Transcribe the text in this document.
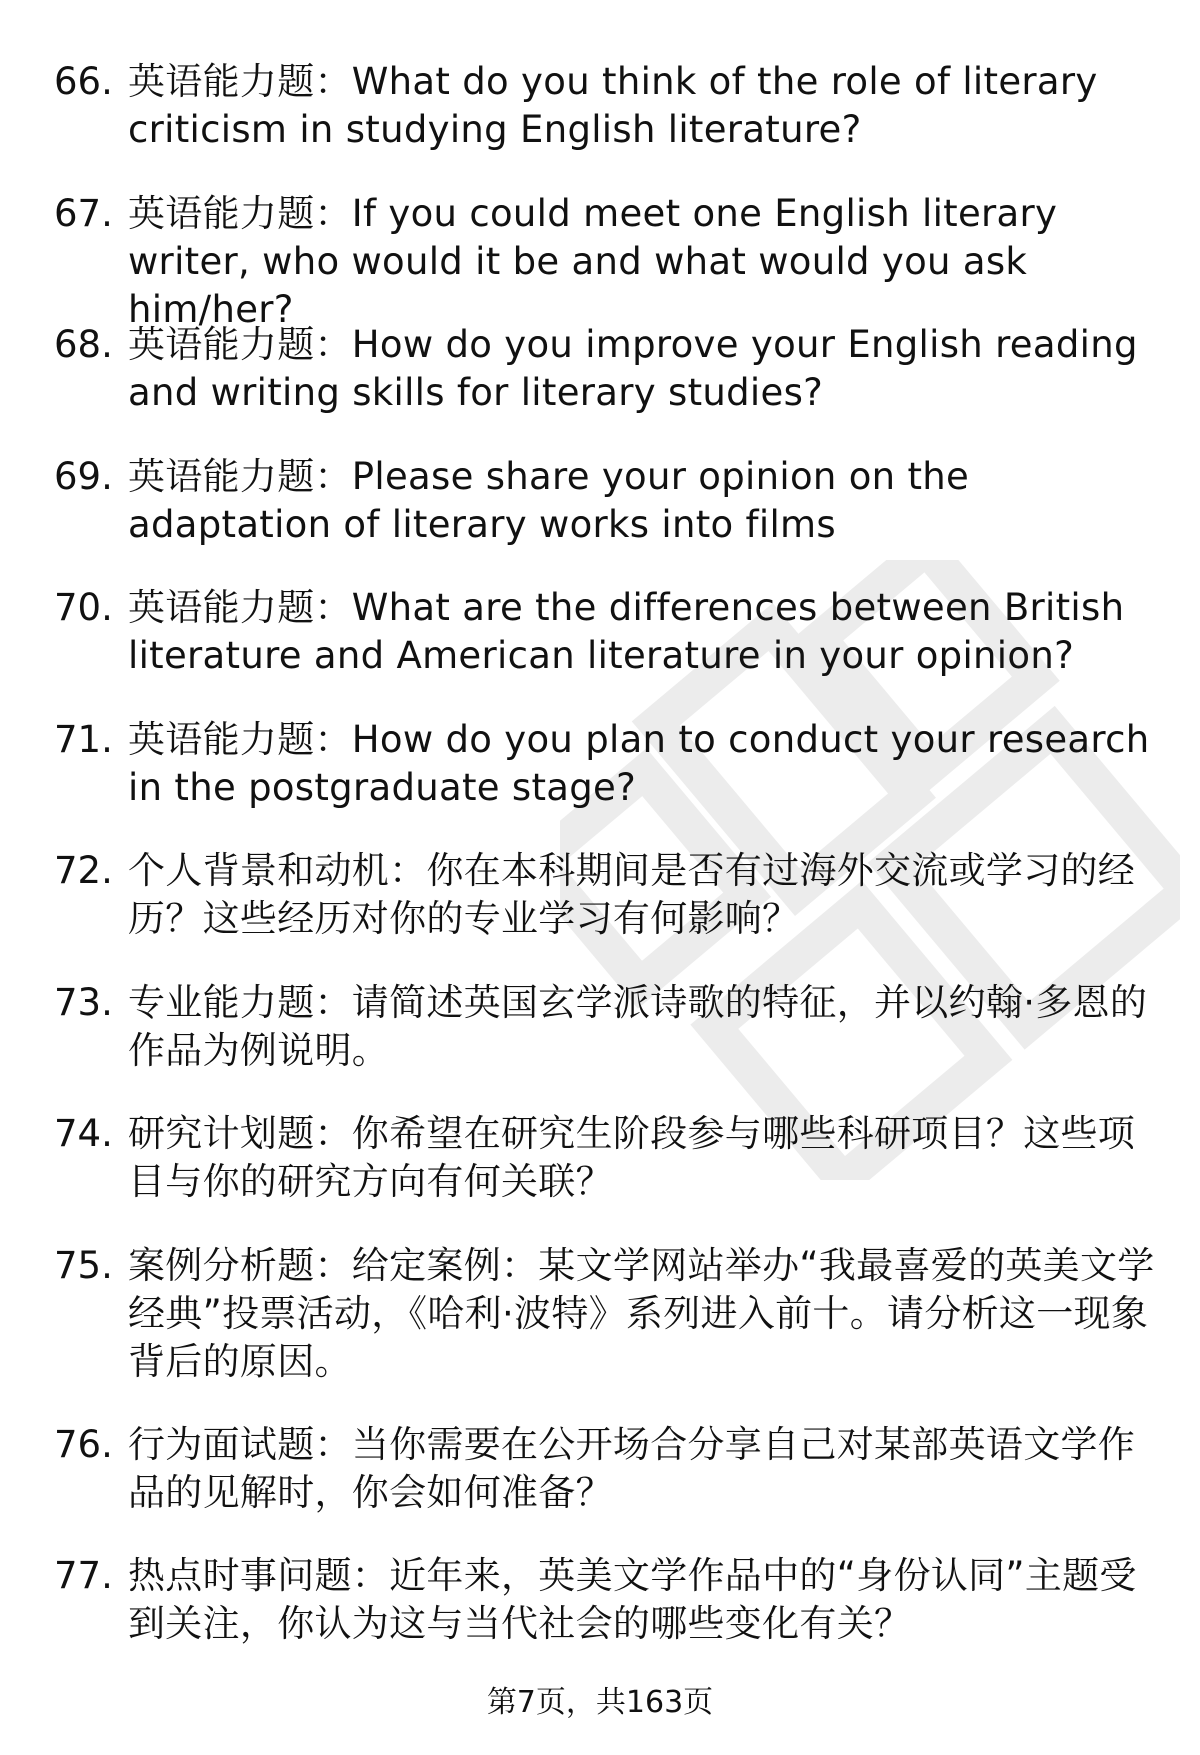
66. 英语能力题：What do you think of the role of literary criticism in studying English literature?
67. 英语能力题：If you could meet one English literary writer, who would it be and what would you ask him/her?
68. 英语能力题：How do you improve your English reading and writing skills for literary studies?
69. 英语能力题：Please share your opinion on the adaptation of literary works into films
70. 英语能力题：What are the differences between British literature and American literature in your opinion?
71. 英语能力题：How do you plan to conduct your research in the postgraduate stage?
72. 个人背景和动机：你在本科期间是否有过海外交流或学习的经历？这些经历对你的专业学习有何影响？
73. 专业能力题：请简述英国玄学派诗歌的特征，并以约翰·多恩的作品为例说明。
74. 研究计划题：你希望在研究生阶段参与哪些科研项目？这些项目与你的研究方向有何关联？
75. 案例分析题：给定案例：某文学网站举办“我最喜爱的英美文学经典”投票活动，《哈利·波特》系列进入前十。请分析这一现象背后的原因。
76. 行为面试题：当你需要在公开场合分享自己对某部英语文学作品的见解时，你会如何准备？
77. 热点时事问题：近年来，英美文学作品中的“身份认同”主题受到关注，你认为这与当代社会的哪些变化有关？
第7页，共163页
